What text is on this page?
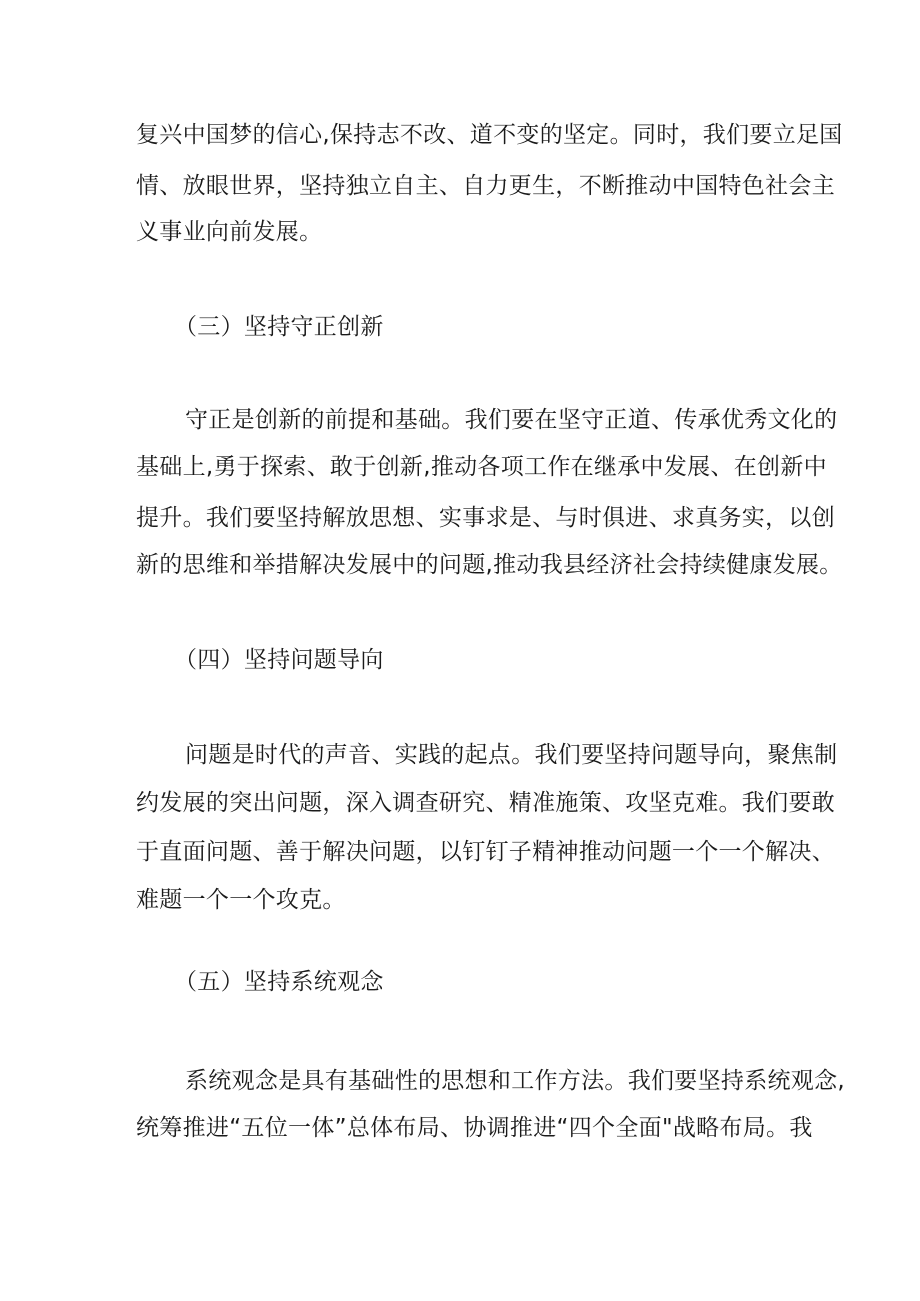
复兴中国梦的信心,保持志不改、道不变的坚定。同时，我们要立足国
情、放眼世界，坚持独立自主、自力更生，不断推动中国特色社会主
义事业向前发展。
（三）坚持守正创新
守正是创新的前提和基础。我们要在坚守正道、传承优秀文化的
基础上,勇于探索、敢于创新,推动各项工作在继承中发展、在创新中
提升。我们要坚持解放思想、实事求是、与时俱进、求真务实，以创
新的思维和举措解决发展中的问题,推动我县经济社会持续健康发展。
（四）坚持问题导向
问题是时代的声音、实践的起点。我们要坚持问题导向，聚焦制
约发展的突出问题，深入调查研究、精准施策、攻坚克难。我们要敢
于直面问题、善于解决问题，以钉钉子精神推动问题一个一个解决、
难题一个一个攻克。
（五）坚持系统观念
系统观念是具有基础性的思想和工作方法。我们要坚持系统观念,
统筹推进“五位一体”总体布局、协调推进“四个全面"战略布局。我
